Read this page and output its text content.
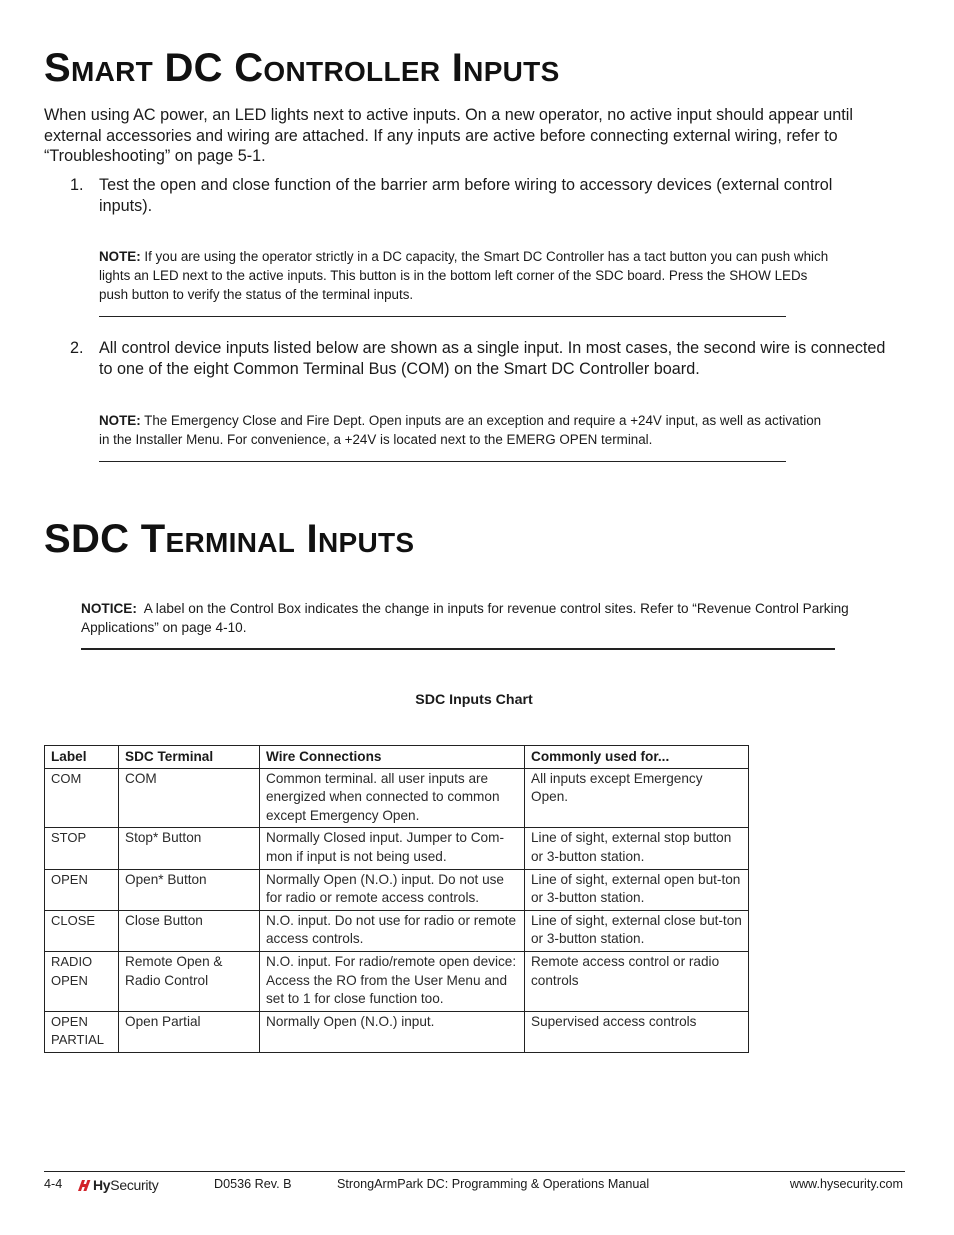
Smart DC Controller Inputs

When using AC power, an LED lights next to active inputs. On a new operator, no active input should appear until external accessories and wiring are attached. If any inputs are active before connecting external wiring, refer to “Troubleshooting” on page 5-1.

1. Test the open and close function of the barrier arm before wiring to accessory devices (external control inputs).
NOTE: If you are using the operator strictly in a DC capacity, the Smart DC Controller has a tact button you can push which lights an LED next to the active inputs. This button is in the bottom left corner of the SDC board. Press the SHOW LEDs push button to verify the status of the terminal inputs.
2. All control device inputs listed below are shown as a single input. In most cases, the second wire is connected to one of the eight Common Terminal Bus (COM) on the Smart DC Controller board.
NOTE: The Emergency Close and Fire Dept. Open inputs are an exception and require a +24V input, as well as activation in the Installer Menu. For convenience, a +24V is located next to the EMERG OPEN terminal.
SDC Terminal Inputs
NOTICE: A label on the Control Box indicates the change in inputs for revenue control sites. Refer to “Revenue Control Parking Applications” on page 4-10.
SDC Inputs Chart
Label	SDC Terminal	Wire Connections	Commonly used for...
COM	COM	Common terminal. all user inputs are energized when connected to common except Emergency Open.	All inputs except Emergency Open.
STOP	Stop* Button	Normally Closed input. Jumper to Com-mon if input is not being used.	Line of sight, external stop button or 3-button station.
OPEN	Open* Button	Normally Open (N.O.) input. Do not use for radio or remote access controls.	Line of sight, external open but-ton or 3-button station.
CLOSE	Close Button	N.O. input. Do not use for radio or remote access controls.	Line of sight, external close but-ton or 3-button station.
RADIO OPEN	Remote Open & Radio Control	N.O. input. For radio/remote open device: Access the RO from the User Menu and set to 1 for close function too.	Remote access control or radio controls
OPEN PARTIAL	Open Partial	Normally Open (N.O.) input.	Supervised access controls
4-4 HySecurity	D0536 Rev. B	StrongArmPark DC: Programming & Operations Manual	www.hysecurity.com
